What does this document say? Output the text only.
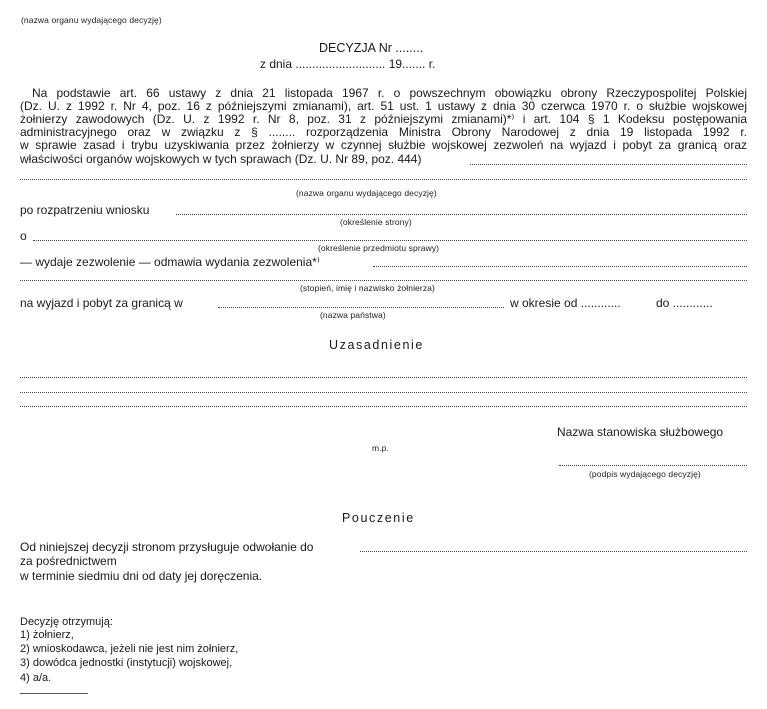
(nazwa organu wydającego decyzję)
DECYZJA Nr ........
z dnia ........................... 19....... r.
Na podstawie art. 66 ustawy z dnia 21 listopada 1967 r. o powszechnym obowiązku obrony Rzeczypospolitej Polskiej
(Dz. U. z 1992 r. Nr 4, poz. 16 z późniejszymi zmianami), art. 51 ust. 1 ustawy z dnia 30 czerwca 1970 r. o służbie wojskowej
żołnierzy zawodowych (Dz. U. z 1992 r. Nr 8, poz. 31 z późniejszymi zmianami)*⁾ i art. 104 § 1 Kodeksu postępowania
administracyjnego oraz w związku z § ........ rozporządzenia Ministra Obrony Narodowej z dnia 19 listopada 1992 r.
w sprawie zasad i trybu uzyskiwania przez żołnierzy w czynnej służbie wojskowej zezwoleń na wyjazd i pobyt za granicą oraz
właściwości organów wojskowych w tych sprawach (Dz. U. Nr 89, poz. 444)
(nazwa organu wydającego decyzję)
po rozpatrzeniu wniosku
(określenie strony)
o
(określenie przedmiotu sprawy)
— wydaje zezwolenie — odmawia wydania zezwolenia*⁾
(stopień, imię i nazwisko żołnierza)
na wyjazd i pobyt za granicą w	w okresie od ............	do ............
(nazwa państwa)
Uzasadnienie
Nazwa stanowiska służbowego
m.p.
(podpis wydającego decyzję)
Pouczenie
Od niniejszej decyzji stronom przysługuje odwołanie do
za pośrednictwem
w terminie siedmiu dni od daty jej doręczenia.
Decyzję otrzymują:
1) żołnierz,
2) wnioskodawca, jeżeli nie jest nim żołnierz,
3) dowódca jednostki (instytucji) wojskowej,
4) a/a.
